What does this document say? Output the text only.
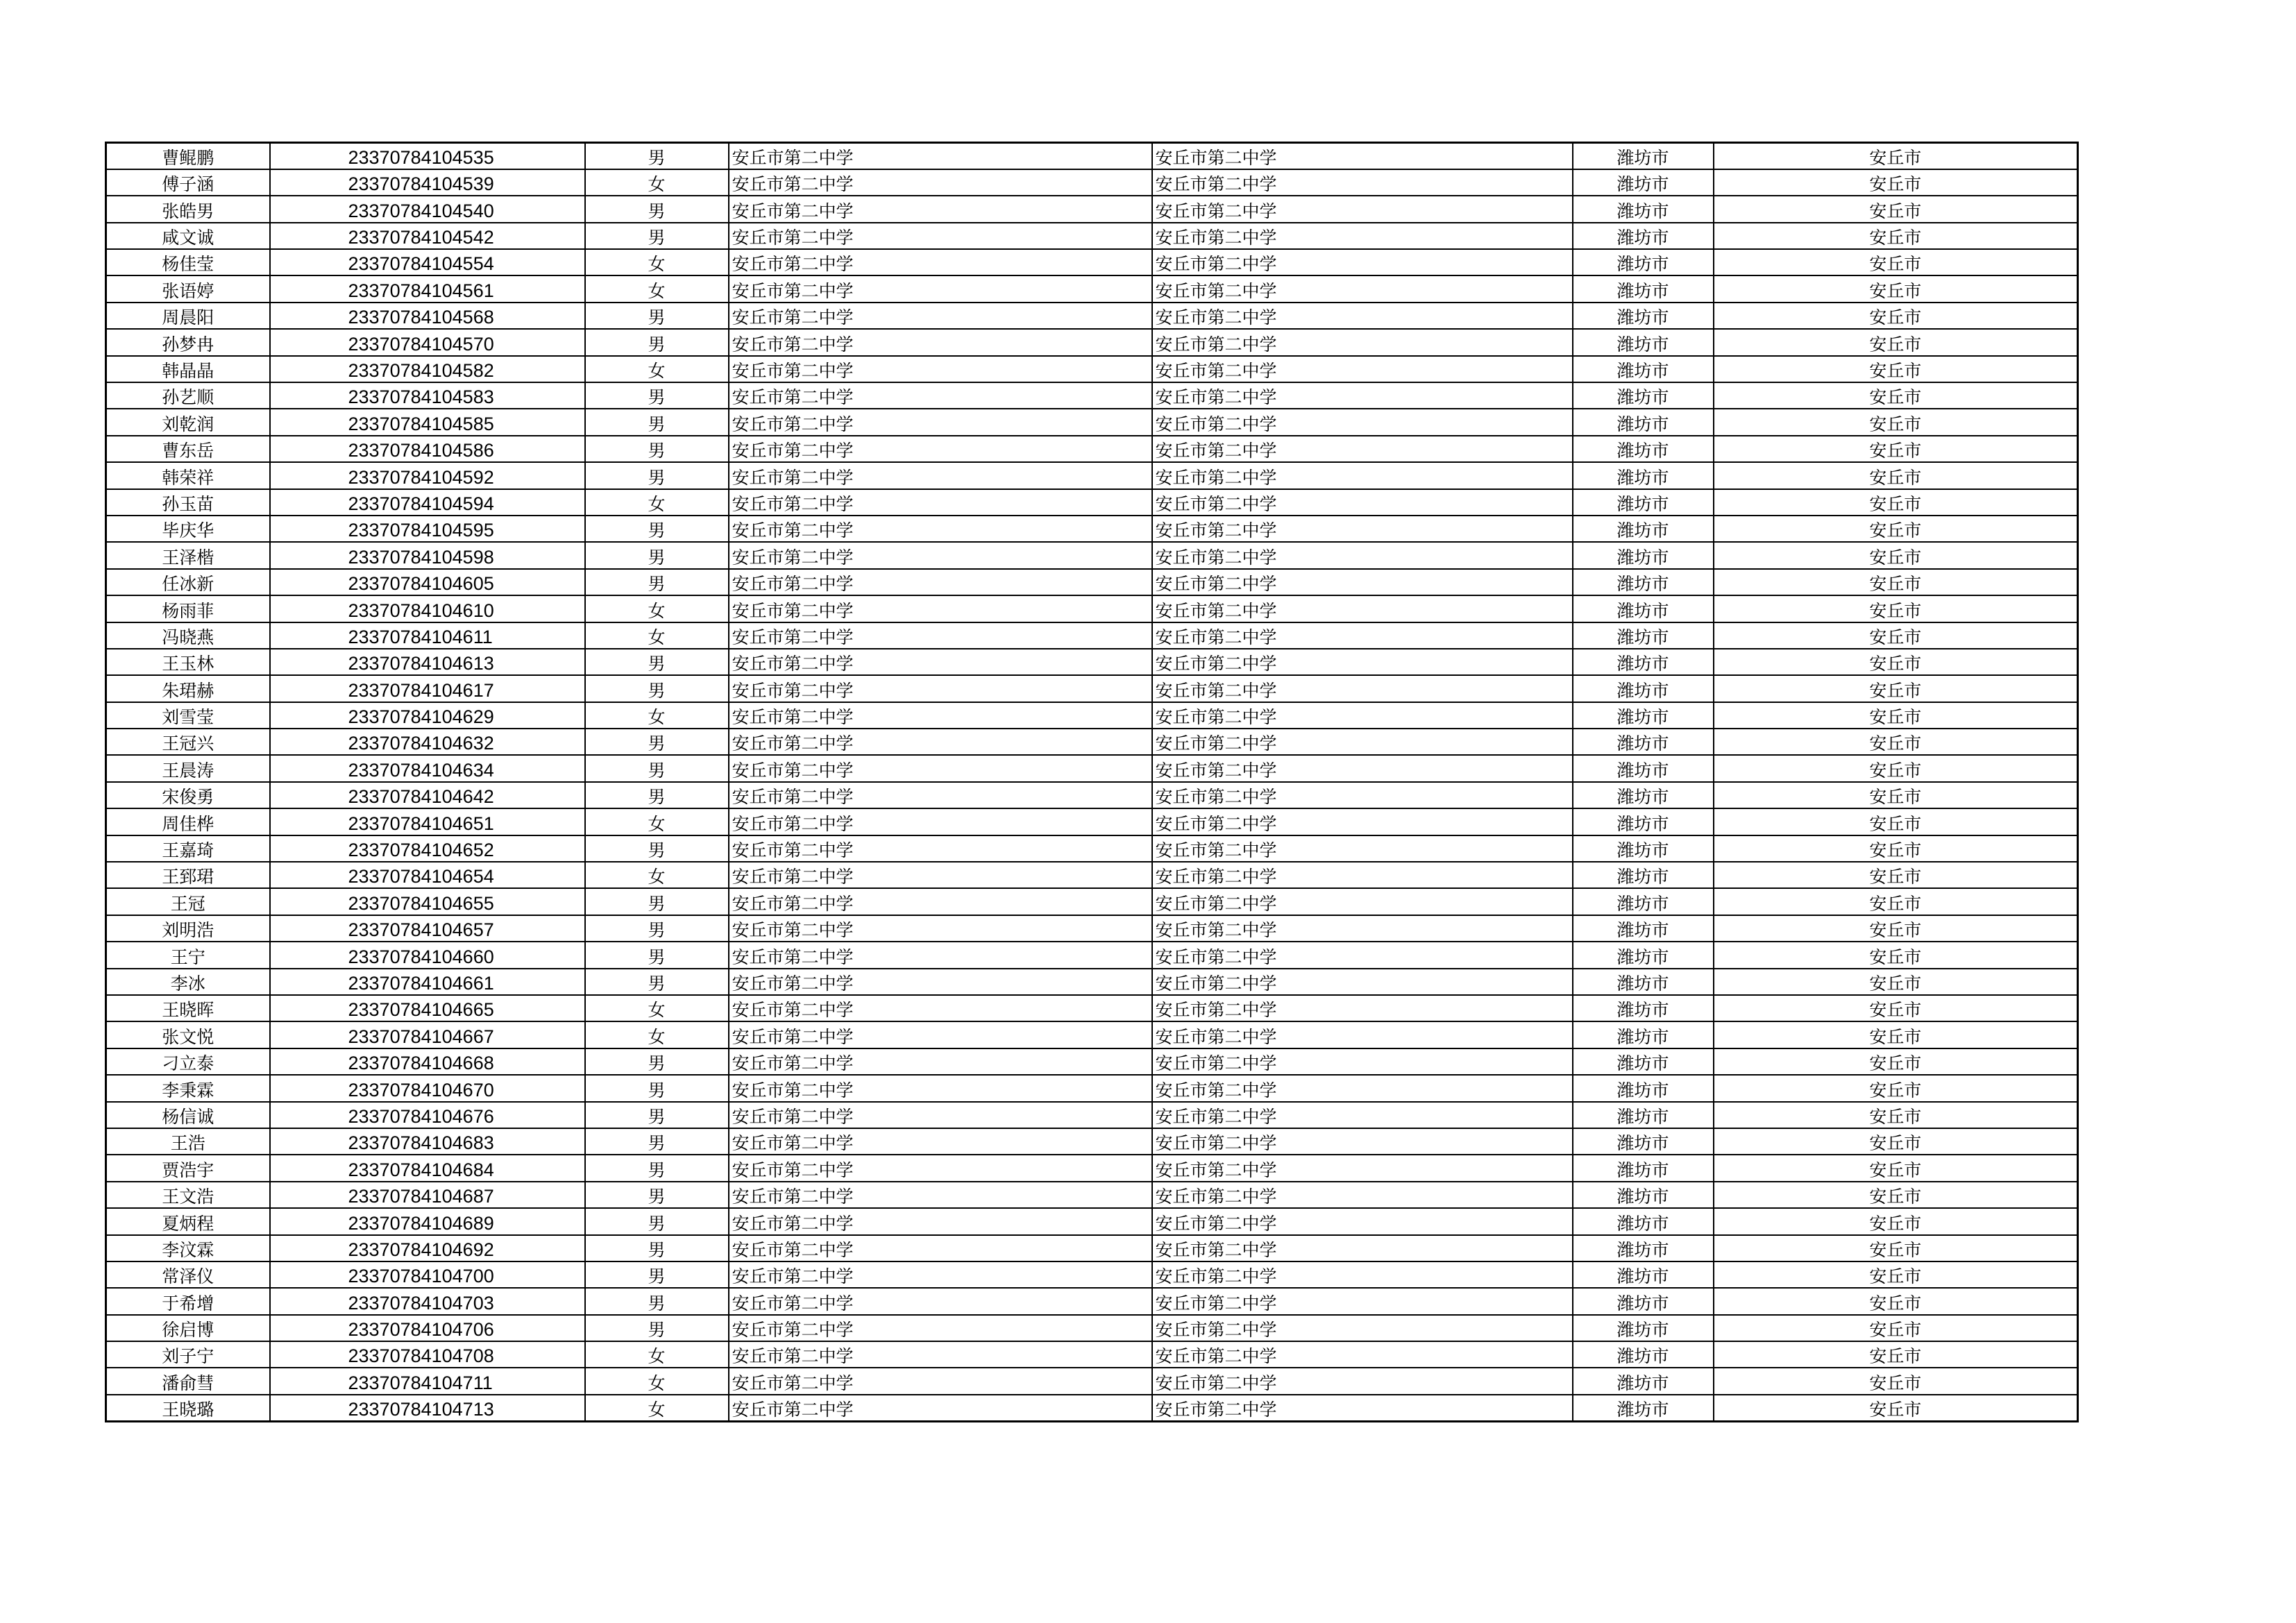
曹鲲鹏	23370784104535	男	安丘市第二中学	安丘市第二中学	潍坊市	安丘市
傅子涵	23370784104539	女	安丘市第二中学	安丘市第二中学	潍坊市	安丘市
张皓男	23370784104540	男	安丘市第二中学	安丘市第二中学	潍坊市	安丘市
咸文诚	23370784104542	男	安丘市第二中学	安丘市第二中学	潍坊市	安丘市
杨佳莹	23370784104554	女	安丘市第二中学	安丘市第二中学	潍坊市	安丘市
张语婷	23370784104561	女	安丘市第二中学	安丘市第二中学	潍坊市	安丘市
周晨阳	23370784104568	男	安丘市第二中学	安丘市第二中学	潍坊市	安丘市
孙梦冉	23370784104570	男	安丘市第二中学	安丘市第二中学	潍坊市	安丘市
韩晶晶	23370784104582	女	安丘市第二中学	安丘市第二中学	潍坊市	安丘市
孙艺顺	23370784104583	男	安丘市第二中学	安丘市第二中学	潍坊市	安丘市
刘乾润	23370784104585	男	安丘市第二中学	安丘市第二中学	潍坊市	安丘市
曹东岳	23370784104586	男	安丘市第二中学	安丘市第二中学	潍坊市	安丘市
韩荣祥	23370784104592	男	安丘市第二中学	安丘市第二中学	潍坊市	安丘市
孙玉苗	23370784104594	女	安丘市第二中学	安丘市第二中学	潍坊市	安丘市
毕庆华	23370784104595	男	安丘市第二中学	安丘市第二中学	潍坊市	安丘市
王泽楷	23370784104598	男	安丘市第二中学	安丘市第二中学	潍坊市	安丘市
任冰新	23370784104605	男	安丘市第二中学	安丘市第二中学	潍坊市	安丘市
杨雨菲	23370784104610	女	安丘市第二中学	安丘市第二中学	潍坊市	安丘市
冯晓燕	23370784104611	女	安丘市第二中学	安丘市第二中学	潍坊市	安丘市
王玉林	23370784104613	男	安丘市第二中学	安丘市第二中学	潍坊市	安丘市
朱珺赫	23370784104617	男	安丘市第二中学	安丘市第二中学	潍坊市	安丘市
刘雪莹	23370784104629	女	安丘市第二中学	安丘市第二中学	潍坊市	安丘市
王冠兴	23370784104632	男	安丘市第二中学	安丘市第二中学	潍坊市	安丘市
王晨涛	23370784104634	男	安丘市第二中学	安丘市第二中学	潍坊市	安丘市
宋俊勇	23370784104642	男	安丘市第二中学	安丘市第二中学	潍坊市	安丘市
周佳桦	23370784104651	女	安丘市第二中学	安丘市第二中学	潍坊市	安丘市
王嘉琦	23370784104652	男	安丘市第二中学	安丘市第二中学	潍坊市	安丘市
王郅珺	23370784104654	女	安丘市第二中学	安丘市第二中学	潍坊市	安丘市
王冠	23370784104655	男	安丘市第二中学	安丘市第二中学	潍坊市	安丘市
刘明浩	23370784104657	男	安丘市第二中学	安丘市第二中学	潍坊市	安丘市
王宁	23370784104660	男	安丘市第二中学	安丘市第二中学	潍坊市	安丘市
李冰	23370784104661	男	安丘市第二中学	安丘市第二中学	潍坊市	安丘市
王晓晖	23370784104665	女	安丘市第二中学	安丘市第二中学	潍坊市	安丘市
张文悦	23370784104667	女	安丘市第二中学	安丘市第二中学	潍坊市	安丘市
刁立泰	23370784104668	男	安丘市第二中学	安丘市第二中学	潍坊市	安丘市
李秉霖	23370784104670	男	安丘市第二中学	安丘市第二中学	潍坊市	安丘市
杨信诚	23370784104676	男	安丘市第二中学	安丘市第二中学	潍坊市	安丘市
王浩	23370784104683	男	安丘市第二中学	安丘市第二中学	潍坊市	安丘市
贾浩宇	23370784104684	男	安丘市第二中学	安丘市第二中学	潍坊市	安丘市
王文浩	23370784104687	男	安丘市第二中学	安丘市第二中学	潍坊市	安丘市
夏炳程	23370784104689	男	安丘市第二中学	安丘市第二中学	潍坊市	安丘市
李汶霖	23370784104692	男	安丘市第二中学	安丘市第二中学	潍坊市	安丘市
常泽仪	23370784104700	男	安丘市第二中学	安丘市第二中学	潍坊市	安丘市
于希增	23370784104703	男	安丘市第二中学	安丘市第二中学	潍坊市	安丘市
徐启博	23370784104706	男	安丘市第二中学	安丘市第二中学	潍坊市	安丘市
刘子宁	23370784104708	女	安丘市第二中学	安丘市第二中学	潍坊市	安丘市
潘俞彗	23370784104711	女	安丘市第二中学	安丘市第二中学	潍坊市	安丘市
王晓璐	23370784104713	女	安丘市第二中学	安丘市第二中学	潍坊市	安丘市
